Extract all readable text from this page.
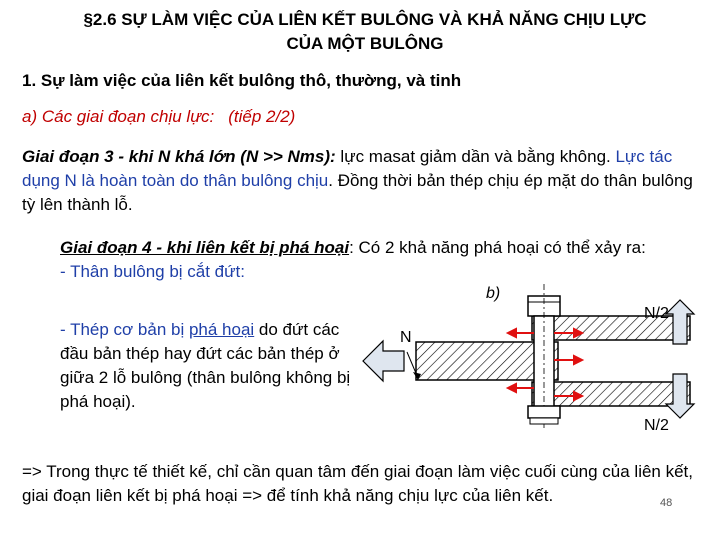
§2.6 SỰ LÀM VIỆC CỦA LIÊN KẾT BULÔNG VÀ KHẢ NĂNG CHỊU LỰC
CỦA MỘT BULÔNG
1. Sự làm việc của liên kết bulông thô, thường, và tinh
a) Các giai đoạn chịu lực: (tiếp 2/2)
Giai đoạn 3 - khi N khá lớn (N >> Nms): lực masat giảm dần và bằng không. Lực tác dụng N là hoàn toàn do thân bulông chịu. Đồng thời bản thép chịu ép mặt do thân bulông tỳ lên thành lỗ.
Giai đoạn 4 - khi liên kết bị phá hoại: Có 2 khả năng phá hoại có thể xảy ra:
- Thân bulông bị cắt đứt:
- Thép cơ bản bị phá hoại do đứt các đầu bản thép hay đứt các bản thép ở giữa 2 lỗ bulông (thân bulông không bị phá hoại).
b)
N
N/2
N/2
=> Trong thực tế thiết kế, chỉ cần quan tâm đến giai đoạn làm việc cuối cùng của liên kết, giai đoạn liên kết bị phá hoại => để tính khả năng chịu lực của liên kết.	48
